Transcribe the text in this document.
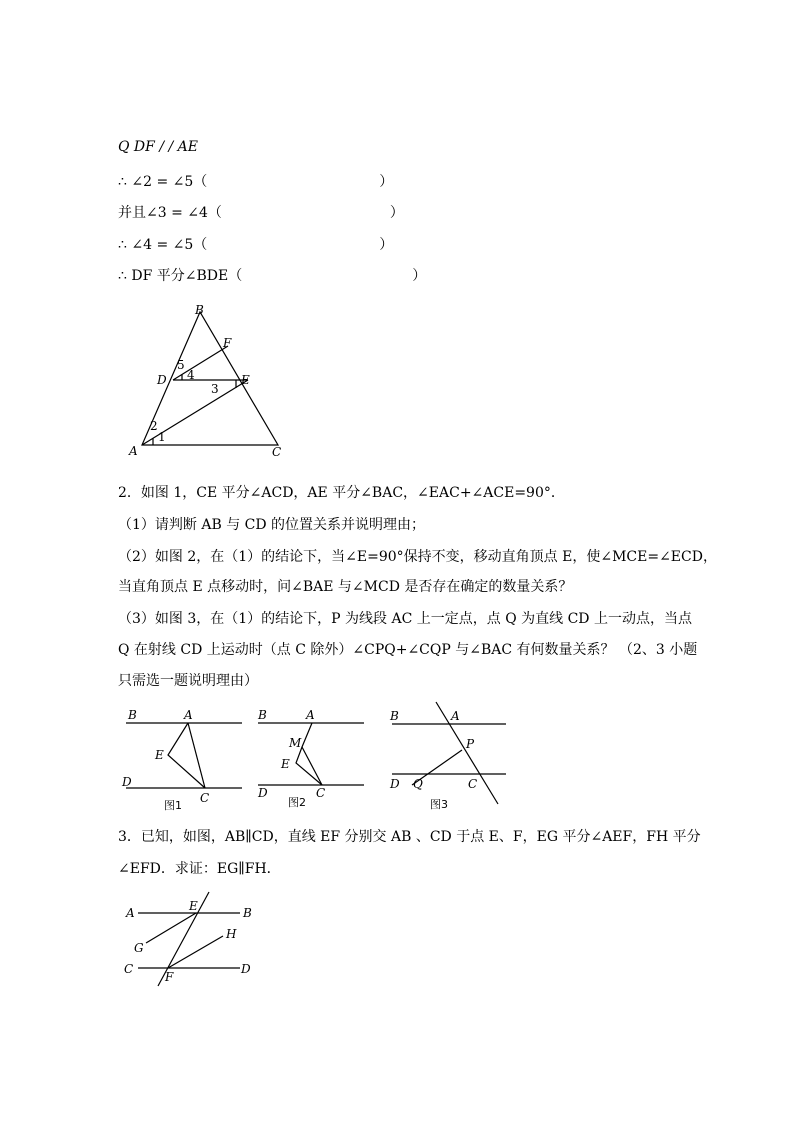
Q DF / / AE
∴ ∠2 = ∠5（	）
并且∠3 = ∠4（	）
∴ ∠4 = ∠5（	）
∴ DF 平分∠BDE（	）
B
F
D	E
A	C
5
4
3
2
1
2．如图 1，CE 平分∠ACD，AE 平分∠BAC，∠EAC+∠ACE=90°．
（1）请判断 AB 与 CD 的位置关系并说明理由；
（2）如图 2，在（1）的结论下，当∠E=90°保持不变，移动直角顶点 E，使∠MCE=∠ECD，
当直角顶点 E 点移动时，问∠BAE 与∠MCD 是否存在确定的数量关系？
（3）如图 3，在（1）的结论下，P 为线段 AC 上一定点，点 Q 为直线 CD 上一动点，当点
Q 在射线 CD 上运动时（点 C 除外）∠CPQ+∠CQP 与∠BAC 有何数量关系？ （2、3 小题
只需选一题说明理由）
B	A
E
D
C
图1
B	A
M
E
D	C
图2
B	A
P
D Q	C
图3
3．已知，如图，AB∥CD，直线 EF 分别交 AB 、CD 于点 E、F，EG 平分∠AEF，FH 平分
∠EFD．求证：EG∥FH．
A	E	B
G
H
C
F
D
